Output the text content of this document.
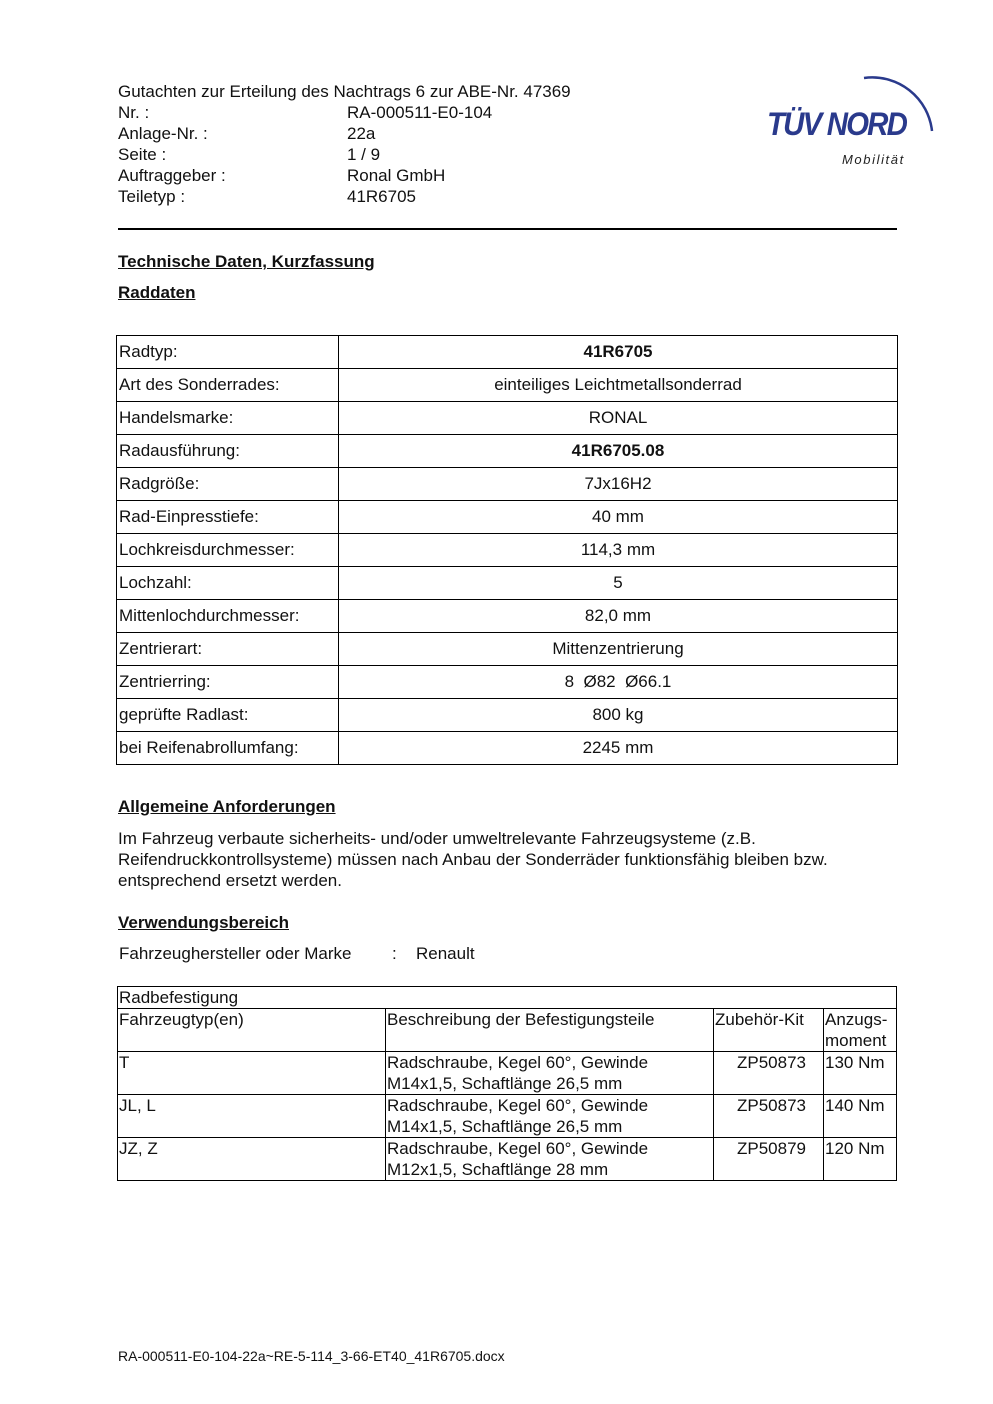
Gutachten zur Erteilung des Nachtrags 6 zur ABE-Nr. 47369
Nr. :	RA-000511-E0-104
Anlage-Nr. :	22a
Seite :	1 / 9
Auftraggeber :	Ronal GmbH
Teiletyp :	41R6705
TÜV NORD
Mobilität
Technische Daten, Kurzfassung
Raddaten
Radtyp:	41R6705
Art des Sonderrades:	einteiliges Leichtmetallsonderrad
Handelsmarke:	RONAL
Radausführung:	41R6705.08
Radgröße:	7Jx16H2
Rad-Einpresstiefe:	40 mm
Lochkreisdurchmesser:	114,3 mm
Lochzahl:	5
Mittenlochdurchmesser:	82,0 mm
Zentrierart:	Mittenzentrierung
Zentrierring:	8  Ø82  Ø66.1
geprüfte Radlast:	800 kg
bei Reifenabrollumfang:	2245 mm
Allgemeine Anforderungen
Im Fahrzeug verbaute sicherheits- und/oder umweltrelevante Fahrzeugsysteme (z.B. Reifendruckkontrollsysteme) müssen nach Anbau der Sonderräder funktionsfähig bleiben bzw. entsprechend ersetzt werden.
Verwendungsbereich
Fahrzeughersteller oder Marke : Renault
Radbefestigung			
Fahrzeugtyp(en)	Beschreibung der Befestigungsteile	Zubehör-Kit	Anzugs-
moment
T	Radschraube, Kegel 60°, Gewinde
M14x1,5, Schaftlänge 26,5 mm	ZP50873	130 Nm
JL, L	Radschraube, Kegel 60°, Gewinde
M14x1,5, Schaftlänge 26,5 mm	ZP50873	140 Nm
JZ, Z	Radschraube, Kegel 60°, Gewinde
M12x1,5, Schaftlänge 28 mm	ZP50879	120 Nm
RA-000511-E0-104-22a~RE-5-114_3-66-ET40_41R6705.docx
